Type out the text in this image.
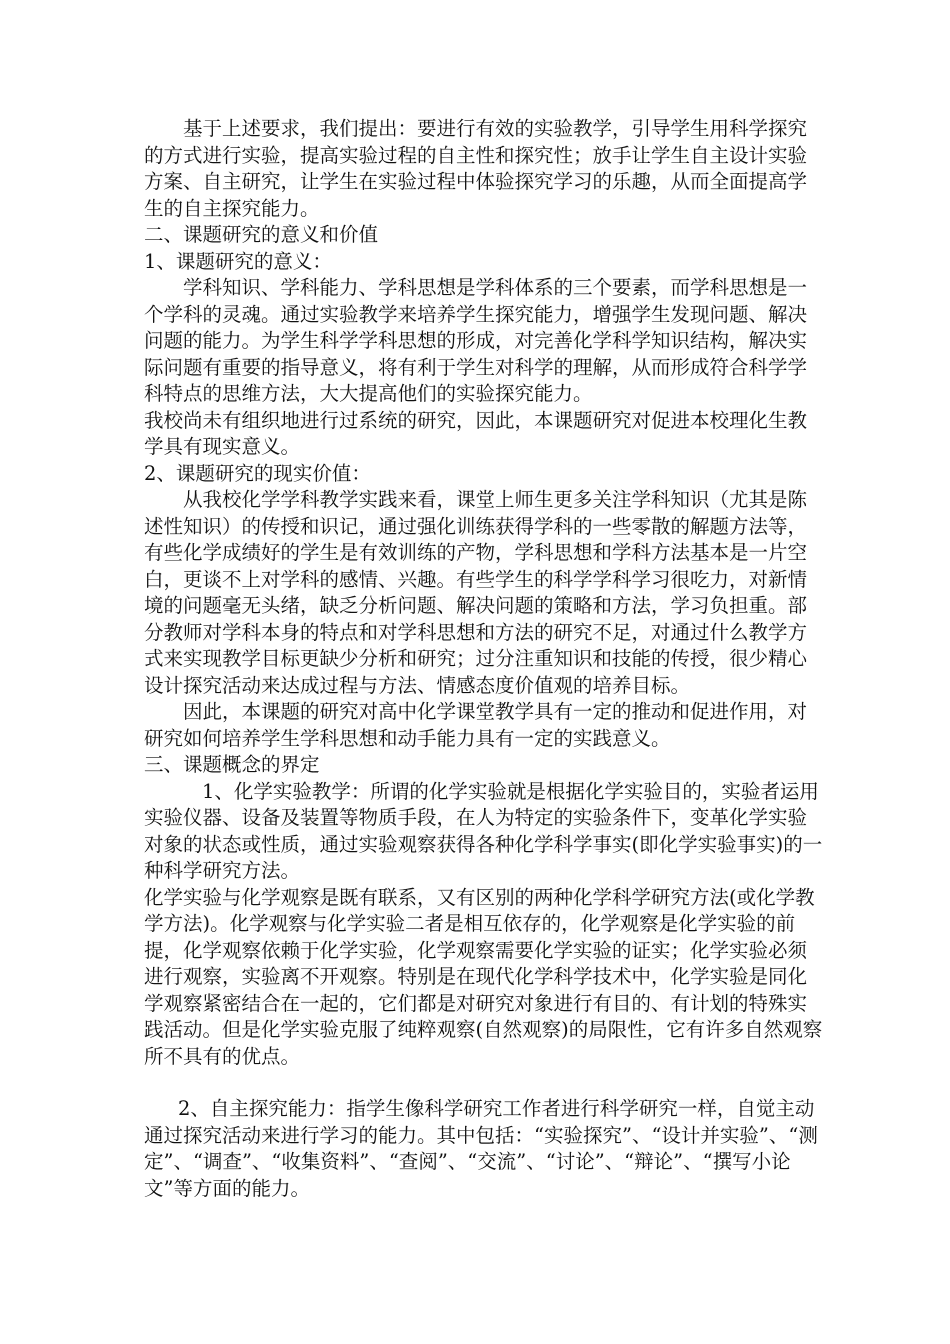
基于上述要求，我们提出：要进行有效的实验教学，引导学生用科学探究的方式进行实验，提高实验过程的自主性和探究性；放手让学生自主设计实验方案、自主研究，让学生在实验过程中体验探究学习的乐趣，从而全面提高学生的自主探究能力。

二、课题研究的意义和价值

1、课题研究的意义：

学科知识、学科能力、学科思想是学科体系的三个要素，而学科思想是一个学科的灵魂。通过实验教学来培养学生探究能力，增强学生发现问题、解决问题的能力。为学生科学学科思想的形成，对完善化学科学知识结构，解决实际问题有重要的指导意义，将有利于学生对科学的理解，从而形成符合科学学科特点的思维方法，大大提高他们的实验探究能力。

我校尚未有组织地进行过系统的研究，因此，本课题研究对促进本校理化生教学具有现实意义。

2、课题研究的现实价值：

从我校化学学科教学实践来看，课堂上师生更多关注学科知识（尤其是陈述性知识）的传授和识记，通过强化训练获得学科的一些零散的解题方法等，有些化学成绩好的学生是有效训练的产物，学科思想和学科方法基本是一片空白，更谈不上对学科的感情、兴趣。有些学生的科学学科学习很吃力，对新情境的问题毫无头绪，缺乏分析问题、解决问题的策略和方法，学习负担重。部分教师对学科本身的特点和对学科思想和方法的研究不足，对通过什么教学方式来实现教学目标更缺少分析和研究；过分注重知识和技能的传授，很少精心设计探究活动来达成过程与方法、情感态度价值观的培养目标。

因此，本课题的研究对高中化学课堂教学具有一定的推动和促进作用，对研究如何培养学生学科思想和动手能力具有一定的实践意义。

三、课题概念的界定

1、化学实验教学：所谓的化学实验就是根据化学实验目的，实验者运用实验仪器、设备及装置等物质手段，在人为特定的实验条件下，变革化学实验对象的状态或性质，通过实验观察获得各种化学科学事实(即化学实验事实)的一种科学研究方法。

化学实验与化学观察是既有联系，又有区别的两种化学科学研究方法(或化学教学方法)。化学观察与化学实验二者是相互依存的，化学观察是化学实验的前提，化学观察依赖于化学实验，化学观察需要化学实验的证实；化学实验必须进行观察，实验离不开观察。特别是在现代化学科学技术中，化学实验是同化学观察紧密结合在一起的，它们都是对研究对象进行有目的、有计划的特殊实践活动。但是化学实验克服了纯粹观察(自然观察)的局限性，它有许多自然观察所不具有的优点。

2、自主探究能力：指学生像科学研究工作者进行科学研究一样，自觉主动通过探究活动来进行学习的能力。其中包括：“实验探究”、“设计并实验”、“测定”、“调查”、“收集资料”、“查阅”、“交流”、“讨论”、“辩论”、“撰写小论文”等方面的能力。
